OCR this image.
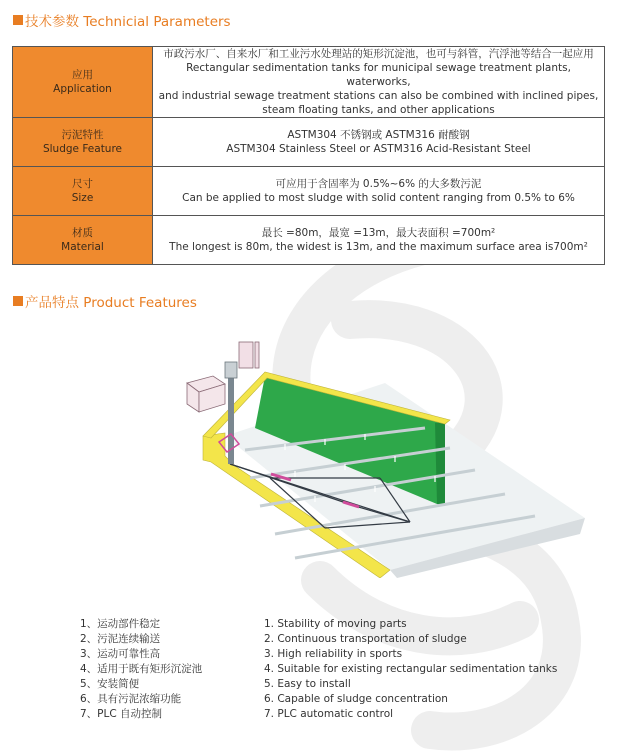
技术参数 Technicial Parameters
应用
Application	市政污水厂、自来水厂和工业污水处理站的矩形沉淀池，也可与斜管，汽浮池等结合一起应用
Rectangular sedimentation tanks for municipal sewage treatment plants, waterworks,
and industrial sewage treatment stations can also be combined with inclined pipes,
steam floating tanks, and other applications

污泥特性
Sludge Feature	ASTM304 不锈钢或 ASTM316 耐酸钢
ASTM304 Stainless Steel or ASTM316 Acid-Resistant Steel

尺寸
Size	可应用于含固率为 0.5%~6% 的大多数污泥
Can be applied to most sludge with solid content ranging from 0.5% to 6%

材质
Material	最长 =80m，最宽 =13m，最大表面积 =700m²
The longest is 80m, the widest is 13m, and the maximum surface area is700m²
产品特点 Product Features
1、运动部件稳定
2、污泥连续输送
3、运动可靠性高
4、适用于既有矩形沉淀池
5、安装简便
6、具有污泥浓缩功能
7、PLC 自动控制
1. Stability of moving parts
2. Continuous transportation of sludge
3. High reliability in sports
4. Suitable for existing rectangular sedimentation tanks
5. Easy to install
6. Capable of sludge concentration
7. PLC automatic control
